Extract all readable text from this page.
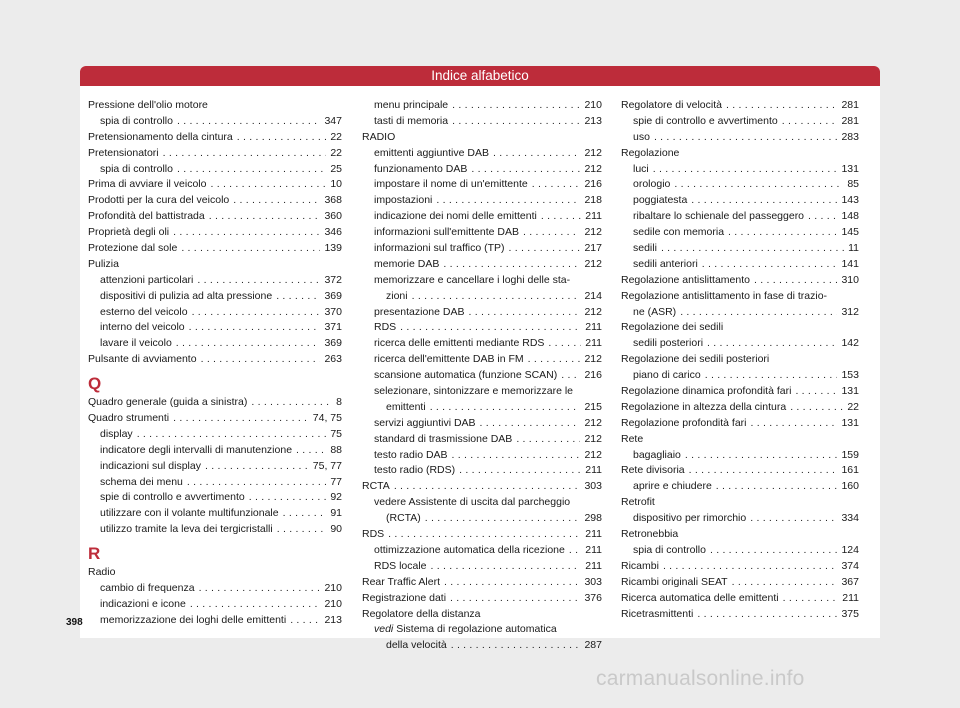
Indice alfabetico
Pressione dell'olio motore
spia di controllo . . .	347
Pretensionamento della cintura . . .	22
Pretensionatori . . .	22
spia di controllo . . .	25
Prima di avviare il veicolo . . .	10
Prodotti per la cura del veicolo . . .	368
Profondità del battistrada . . .	360
Proprietà degli oli . . .	346
Protezione dal sole . . .	139
Pulizia
attenzioni particolari . . .	372
dispositivi di pulizia ad alta pressione . . .	369
esterno del veicolo . . .	370
interno del veicolo . . .	371
lavare il veicolo . . .	369
Pulsante di avviamento . . .	263
Q
Quadro generale (guida a sinistra) . . .	8
Quadro strumenti . . .	74, 75
display . . .	75
indicatore degli intervalli di manutenzione . . .	88
indicazioni sul display . . .	75, 77
schema dei menu . . .	77
spie di controllo e avvertimento . . .	92
utilizzare con il volante multifunzionale . . .	91
utilizzo tramite la leva dei tergicristalli . . .	90
R
Radio
cambio di frequenza . . .	210
indicazioni e icone . . .	210
memorizzazione dei loghi delle emittenti . . .	213
menu principale . . .	210
tasti di memoria . . .	213
RADIO
emittenti aggiuntive DAB . . .	212
funzionamento DAB . . .	212
impostare il nome di un'emittente . . .	216
impostazioni . . .	218
indicazione dei nomi delle emittenti . . .	211
informazioni sull'emittente DAB . . .	212
informazioni sul traffico (TP) . . .	217
memorie DAB . . .	212
memorizzare e cancellare i loghi delle sta-
zioni . . .	214
presentazione DAB . . .	212
RDS . . .	211
ricerca delle emittenti mediante RDS . . .	211
ricerca dell'emittente DAB in FM . . .	212
scansione automatica (funzione SCAN) . . .	216
selezionare, sintonizzare e memorizzare le
emittenti . . .	215
servizi aggiuntivi DAB . . .	212
standard di trasmissione DAB . . .	212
testo radio DAB . . .	212
testo radio (RDS) . . .	211
RCTA . . .	303
vedere Assistente di uscita dal parcheggio
(RCTA) . . .	298
RDS . . .	211
ottimizzazione automatica della ricezione . . . 211
RDS locale . . .	211
Rear Traffic Alert . . .	303
Registrazione dati . . .	376
Regolatore della distanza
vedi Sistema di regolazione automatica
della velocità . . .	287
Regolatore di velocità . . .	281
spie di controllo e avvertimento . . .	281
uso . . .	283
Regolazione
luci . . .	131
orologio . . .	85
poggiatesta . . .	143
ribaltare lo schienale del passeggero . . .	148
sedile con memoria . . .	145
sedili . . .	11
sedili anteriori . . .	141
Regolazione antislittamento . . .	310
Regolazione antislittamento in fase di trazio-
ne (ASR) . . .	312
Regolazione dei sedili
sedili posteriori . . .	142
Regolazione dei sedili posteriori
piano di carico . . .	153
Regolazione dinamica profondità fari . . .	131
Regolazione in altezza della cintura . . .	22
Regolazione profondità fari . . .	131
Rete
bagagliaio . . .	159
Rete divisoria . . .	161
aprire e chiudere . . .	160
Retrofit
dispositivo per rimorchio . . .	334
Retronebbia
spia di controllo . . .	124
Ricambi . . .	374
Ricambi originali SEAT . . .	367
Ricerca automatica delle emittenti . . .	211
Ricetrasmittenti . . .	375
398
carmanualsonline.info
